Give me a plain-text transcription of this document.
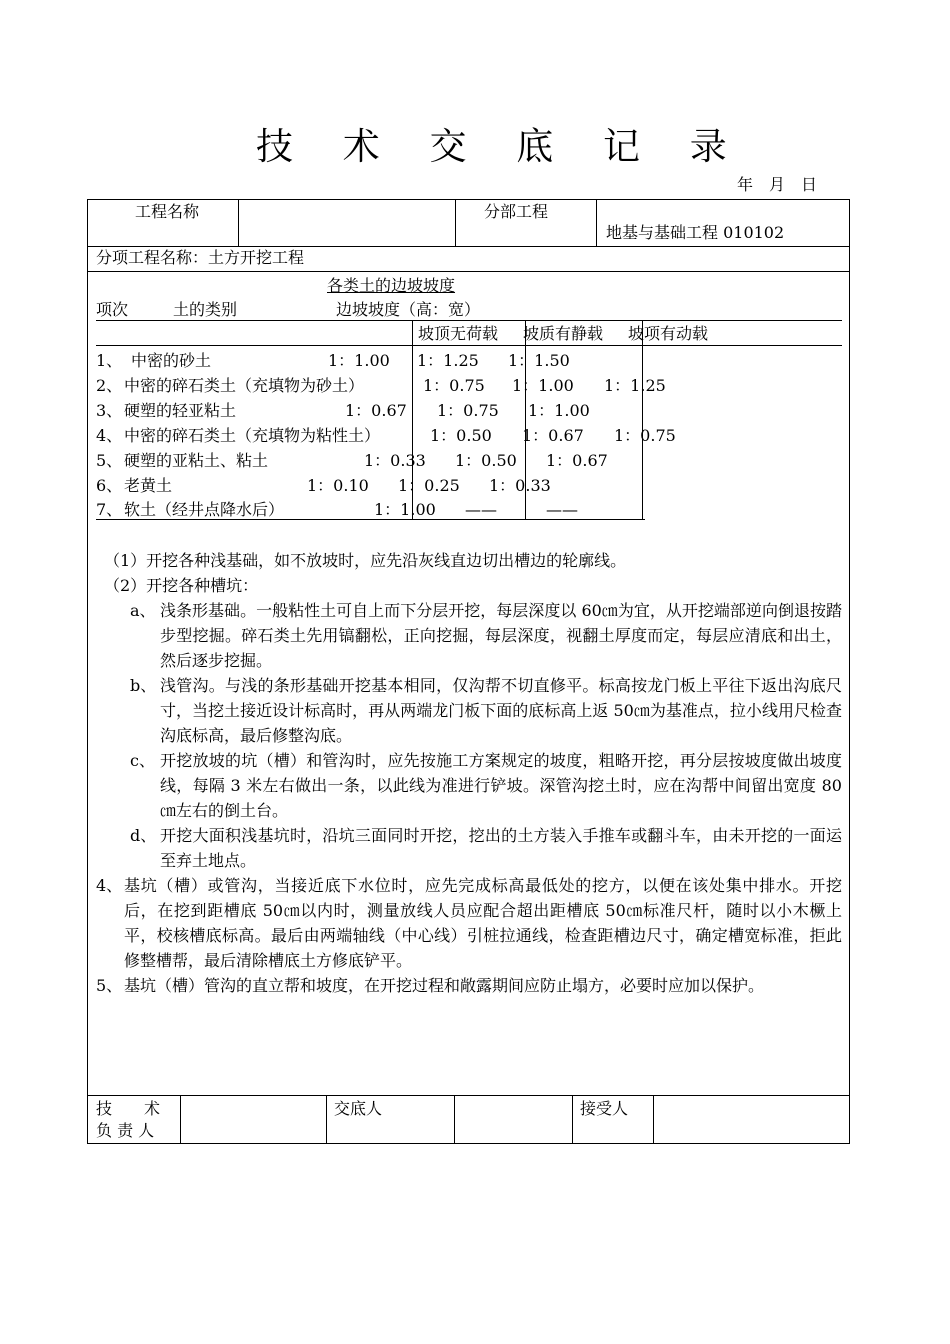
技 术 交 底 记 录
年　月　日
工程名称	分部工程
地基与基础工程 010102
分项工程名称：土方开挖工程
各类土的边坡坡度
项次	土的类别	边坡坡度（高：宽）
坡顶无荷载 坡质有静载 坡项有动载
1、 中密的砂土	1：1.00 1：1.25 1：1.50
2、 中密的碎石类土（充填物为砂土）	1：0.75 1：1.00 1：1.25
3、 硬塑的轻亚粘土	1：0.67 1：0.75 1：1.00
4、 中密的碎石类土（充填物为粘性土）	1：0.50 1：0.67 1：0.75
5、 硬塑的亚粘土、粘土	1：0.33 1：0.50 1：0.67
6、 老黄土	1：0.10 1：0.25 1：0.33
7、 软土（经井点降水后）	1：1.00 ——	——
（1）开挖各种浅基础，如不放坡时，应先沿灰线直边切出槽边的轮廓线。
（2）开挖各种槽坑：
a、 浅条形基础。一般粘性土可自上而下分层开挖，每层深度以 60㎝为宜，从开挖端部逆向倒退按踏步型挖掘。碎石类土先用镐翻松，正向挖掘，每层深度，视翻土厚度而定，每层应清底和出土，然后逐步挖掘。
b、 浅管沟。与浅的条形基础开挖基本相同，仅沟帮不切直修平。标高按龙门板上平往下返出沟底尺寸，当挖土接近设计标高时，再从两端龙门板下面的底标高上返 50㎝为基准点，拉小线用尺检查沟底标高，最后修整沟底。
c、 开挖放坡的坑（槽）和管沟时，应先按施工方案规定的坡度，粗略开挖，再分层按坡度做出坡度线，每隔 3 米左右做出一条，以此线为准进行铲坡。深管沟挖土时，应在沟帮中间留出宽度 80㎝左右的倒土台。
d、 开挖大面积浅基坑时，沿坑三面同时开挖，挖出的土方装入手推车或翻斗车，由未开挖的一面运至弃土地点。
4、 基坑（槽）或管沟，当接近底下水位时，应先完成标高最低处的挖方，以便在该处集中排水。开挖后，在挖到距槽底 50㎝以内时，测量放线人员应配合超出距槽底 50㎝标准尺杆，随时以小木橛上平，校核槽底标高。最后由两端轴线（中心线）引桩拉通线，检查距槽边尺寸，确定槽宽标准，拒此修整槽帮，最后清除槽底土方修底铲平。
5、 基坑（槽）管沟的直立帮和坡度，在开挖过程和敞露期间应防止塌方，必要时应加以保护。
技　　术
负 责 人
交底人	接受人
